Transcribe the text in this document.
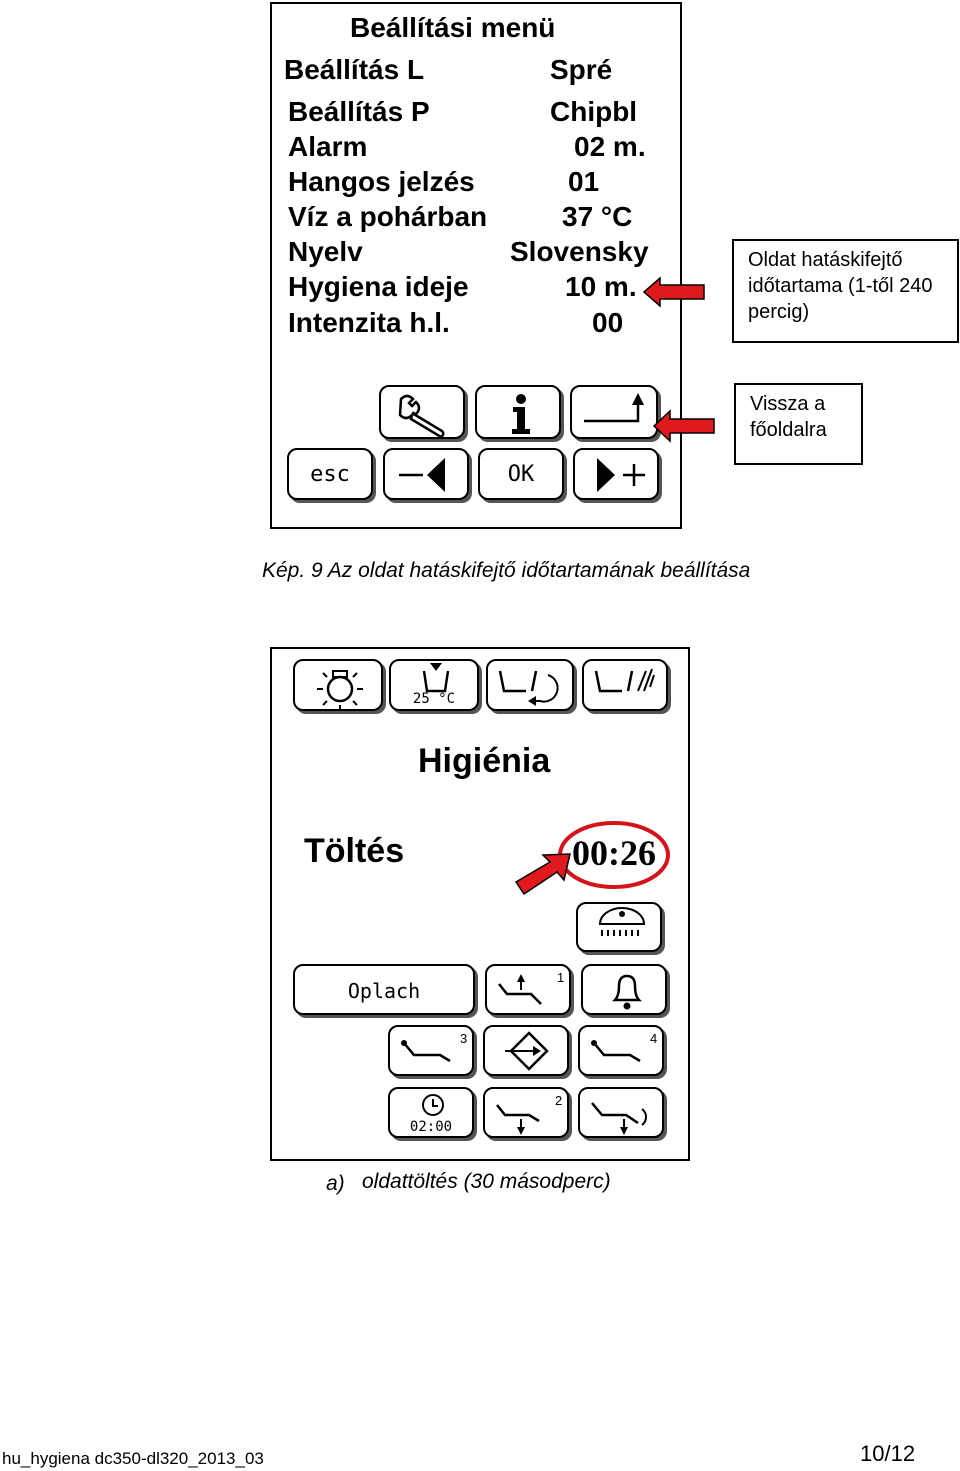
Beállítási menü
Beállítás L	Spré
Beállítás P	Chipbl
Alarm	02 m.
Hangos jelzés	01
Víz a pohárban	37 °C
Nyelv	Slovensky
Hygiena ideje	10 m.
Intenzita h.l.	00
Oldat hatáskifejtő időtartama (1-től 240 percig)
Vissza a főoldalra
esc	OK
Kép. 9 Az oldat hatáskifejtő időtartamának beállítása
25 °C
Higiénia
Töltés	00:26
Oplach
1
3	4
02:00
2
a) oldattöltés (30 másodperc)
hu_hygiena dc350-dl320_2013_03	10/12
